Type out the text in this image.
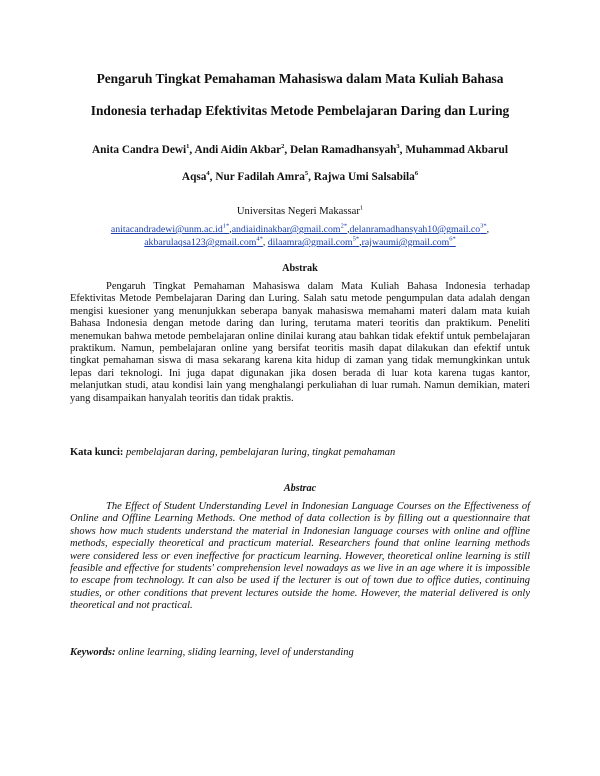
Pengaruh Tingkat Pemahaman Mahasiswa dalam Mata Kuliah Bahasa

Indonesia terhadap Efektivitas Metode Pembelajaran Daring dan Luring

Anita Candra Dewi$^1$, Andi Aidin Akbar$^2$, Delan Ramadhansyah$^3$, Muhammad Akbarul

Aqsa$^4$, Nur Fadilah Amra$^5$, Rajwa Umi Salsabila$^6$

Universitas Negeri Makassar$^1$

$anitacandradewi@unm.ac.id^{1*},andiaidinakbar@gmail.com^{2*},delanramadhansyah10@gmail.co^{3*}$,
akbarulaqsa123@gmail.com$^{4*}$, dilaamra@gmail.com$^{5*}$,rajwaumi@gmail.com$^{6*}$

Abstrak

Pengaruh Tingkat Pemahaman Mahasiswa dalam Mata Kuliah Bahasa Indonesia terhadap Efektivitas Metode Pembelajaran Daring dan Luring. Salah satu metode pengumpulan data adalah dengan mengisi kuesioner yang menunjukkan seberapa banyak mahasiswa memahami materi dalam mata kuiah Bahasa Indonesia dengan metode daring dan luring, terutama materi teoritis dan praktikum. Peneliti menemukan bahwa metode pembelajaran online dinilai kurang atau bahkan tidak efektif untuk pembelajaran praktikum. Namun, pembelajaran online yang bersifat teoritis masih dapat dilakukan dan efektif untuk tingkat pemahaman siswa di masa sekarang karena kita hidup di zaman yang tidak memungkinkan untuk lepas dari teknologi. Ini juga dapat digunakan jika dosen berada di luar kota karena tugas kantor, melanjutkan studi, atau kondisi lain yang menghalangi perkuliahan di luar rumah. Namun demikian, materi yang disampaikan hanyalah teoritis dan tidak praktis.

Kata kunci: pembelajaran daring, pembelajaran luring, tingkat pemahaman

Abstrac

The Effect of Student Understanding Level in Indonesian Language Courses on the Effectiveness of Online and Offline Learning Methods. One method of data collection is by filling out a questionnaire that shows how much students understand the material in Indonesian language courses with online and offline methods, especially theoretical and practicum material. Researchers found that online learning methods were considered less or even ineffective for practicum learning. However, theoretical online learning is still feasible and effective for students' comprehension level nowadays as we live in an age where it is impossible to escape from technology. It can also be used if the lecturer is out of town due to office duties, continuing studies, or other conditions that prevent lectures outside the home. However, the material delivered is only theoretical and not practical.

Keywords: online learning, sliding learning, level of understanding
